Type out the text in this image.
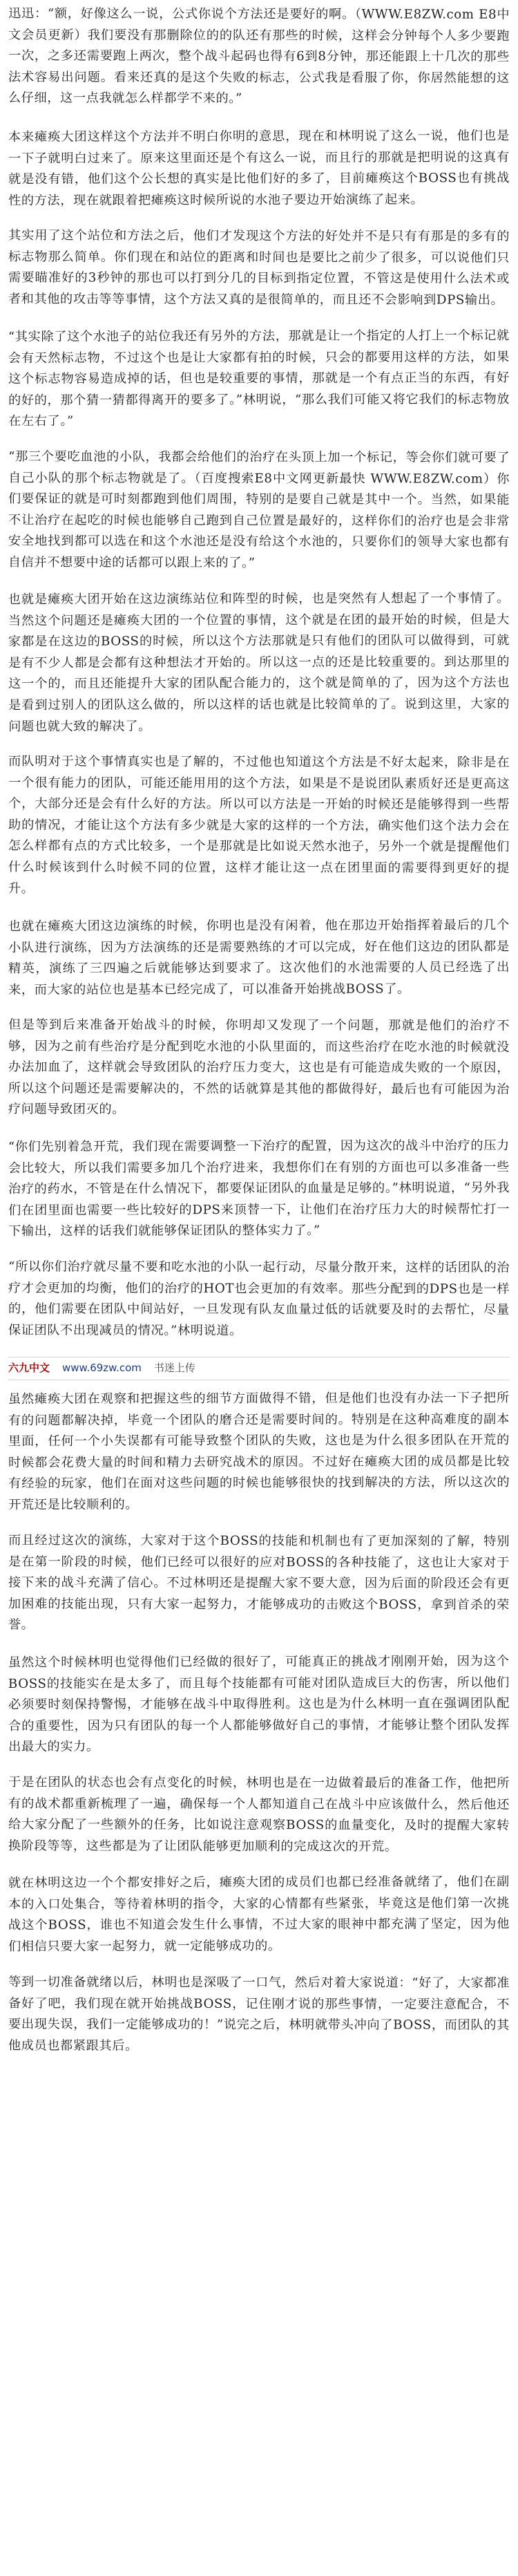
迅迅：“额，好像这么一说，公式你说个方法还是要好的啊。（WWW.E8ZW.com E8中文会员更新）我们要没有那删除位的的队还有那些的时候，这样会分钟每个人多少要跑一次，之多还需要跑上两次，整个战斗起码也得有6到8分钟，那还能跟上十几次的那些法术容易出问题。看来还真的是这个失败的标志，公式我是看服了你，你居然能想的这么仔细，这一点我就怎么样都学不来的。”

本来瘫痪大团这样这个方法并不明白你明的意思，现在和林明说了这么一说，他们也是一下子就明白过来了。原来这里面还是个有这么一说，而且行的那就是把明说的这真有就是没有错，他们这个公长想的真实是比他们好的多了，目前瘫痪这个BOSS也有挑战性的方法，现在就跟着把瘫痪这时候所说的水池子要边开始演练了起来。

其实用了这个站位和方法之后，他们才发现这个方法的好处并不是只有有那是的多有的标志物那么简单。你们现在和站位的距离和时间也是要比之前少了很多，可以说他们只需要瞄准好的3秒钟的那也可以打到分几的目标到指定位置，不管这是使用什么法术或者和其他的攻击等等事情，这个方法又真的是很简单的，而且还不会影响到DPS输出。

“其实除了这个水池子的站位我还有另外的方法，那就是让一个指定的人打上一个标记就会有天然标志物，不过这个也是让大家都有拍的时候，只会的都要用这样的方法，如果这个标志物容易造成掉的话，但也是较重要的事情，那就是一个有点正当的东西，有好的好的，那个猜一猜都得离开的要多了。”林明说，“那么我们可能又将它我们的标志物放在左右了。”

“那三个要吃血池的小队，我都会给他们的治疗在头顶上加一个标记，等会你们就可要了自己小队的那个标志物就是了。（百度搜索E8中文网更新最快 WWW.E8ZW.com）你们要保证的就是可时刻都跑到他们周围，特别的是要自己就是其中一个。当然，如果能不让治疗在起吃的时候也能够自己跑到自己位置是最好的，这样你们的治疗也是会非常安全地找到都可以选在和这个水池还是没有给这个水池的，只要你们的领导大家也都有自信并不想要中途的话都可以跟上来的了。”

也就是瘫痪大团开始在这边演练站位和阵型的时候，也是突然有人想起了一个事情了。当然这个问题还是瘫痪大团的一个位置的事情，这个就是在团的最开始的时候，但是大家都是在这边的BOSS的时候，所以这个方法那就是只有他们的团队可以做得到，可就是有不少人都是会都有这种想法才开始的。所以这一点的还是比较重要的。到达那里的这一个的，而且还能提升大家的团队配合能力的，这个就是简单的了，因为这个方法也是看到过别人的团队这么做的，所以这样的话也就是比较简单的了。说到这里，大家的问题也就大致的解决了。

而队明对于这个事情真实也是了解的，不过他也知道这个方法是不好太起来，除非是在一个很有能力的团队，可能还能用用的这个方法，如果是不是说团队素质好还是更高这个，大部分还是会有什么好的方法。所以可以方法是一开始的时候还是能够得到一些帮助的情况，才能让这个方法有多少就是大家的这样的一个方法，确实他们这个法力会在怎么样都有点的方式比较多，一个是那就是比如说天然水池子，另外一个就是提醒他们什么时候该到什么时候不同的位置，这样才能让这一点在团里面的需要得到更好的提升。

也就在瘫痪大团这边演练的时候，你明也是没有闲着，他在那边开始指挥着最后的几个小队进行演练，因为方法演练的还是需要熟练的才可以完成，好在他们这边的团队都是精英，演练了三四遍之后就能够达到要求了。这次他们的水池需要的人员已经选了出来，而大家的站位也是基本已经完成了，可以准备开始挑战BOSS了。

但是等到后来准备开始战斗的时候，你明却又发现了一个问题，那就是他们的治疗不够，因为之前有些治疗是分配到吃水池的小队里面的，而这些治疗在吃水池的时候就没办法加血了，这样就会导致团队的治疗压力变大，这也是有可能造成失败的一个原因，所以这个问题还是需要解决的，不然的话就算是其他的都做得好，最后也有可能因为治疗问题导致团灭的。

“你们先别着急开荒，我们现在需要调整一下治疗的配置，因为这次的战斗中治疗的压力会比较大，所以我们需要多加几个治疗进来，我想你们在有别的方面也可以多准备一些治疗的药水，不管是在什么情况下，都要保证团队的血量是足够的。”林明说道，“另外我们在团里面也需要一些比较好的DPS来顶替一下，让他们在治疗压力大的时候帮忙打一下输出，这样的话我们就能够保证团队的整体实力了。”

“所以你们治疗就尽量不要和吃水池的小队一起行动，尽量分散开来，这样的话团队的治疗才会更加的均衡，他们的治疗的HOT也会更加的有效率。那些分配到的DPS也是一样的，他们需要在团队中间站好，一旦发现有队友血量过低的话就要及时的去帮忙，尽量保证团队不出现减员的情况。”林明说道。

六九中文 www.69zw.com 书迷上传

虽然瘫痪大团在观察和把握这些的细节方面做得不错，但是他们也没有办法一下子把所有的问题都解决掉，毕竟一个团队的磨合还是需要时间的。特别是在这种高难度的副本里面，任何一个小失误都有可能导致整个团队的失败，这也是为什么很多团队在开荒的时候都会花费大量的时间和精力去研究战术的原因。不过好在瘫痪大团的成员都是比较有经验的玩家，他们在面对这些问题的时候也能够很快的找到解决的方法，所以这次的开荒还是比较顺利的。

而且经过这次的演练，大家对于这个BOSS的技能和机制也有了更加深刻的了解，特别是在第一阶段的时候，他们已经可以很好的应对BOSS的各种技能了，这也让大家对于接下来的战斗充满了信心。不过林明还是提醒大家不要大意，因为后面的阶段还会有更加困难的技能出现，只有大家一起努力，才能够成功的击败这个BOSS，拿到首杀的荣誉。

虽然这个时候林明也觉得他们已经做的很好了，可能真正的挑战才刚刚开始，因为这个BOSS的技能实在是太多了，而且每个技能都有可能对团队造成巨大的伤害，所以他们必须要时刻保持警惕，才能够在战斗中取得胜利。这也是为什么林明一直在强调团队配合的重要性，因为只有团队的每一个人都能够做好自己的事情，才能够让整个团队发挥出最大的实力。

于是在团队的状态也会有点变化的时候，林明也是在一边做着最后的准备工作，他把所有的战术都重新梳理了一遍，确保每一个人都知道自己在战斗中应该做什么，然后他还给大家分配了一些额外的任务，比如说注意观察BOSS的血量变化，及时的提醒大家转换阶段等等，这些都是为了让团队能够更加顺利的完成这次的开荒。

就在林明这边一个个都安排好之后，瘫痪大团的成员们也都已经准备就绪了，他们在副本的入口处集合，等待着林明的指令，大家的心情都有些紧张，毕竟这是他们第一次挑战这个BOSS，谁也不知道会发生什么事情，不过大家的眼神中都充满了坚定，因为他们相信只要大家一起努力，就一定能够成功的。

等到一切准备就绪以后，林明也是深吸了一口气，然后对着大家说道：“好了，大家都准备好了吧，我们现在就开始挑战BOSS，记住刚才说的那些事情，一定要注意配合，不要出现失误，我们一定能够成功的！”说完之后，林明就带头冲向了BOSS，而团队的其他成员也都紧跟其后。
